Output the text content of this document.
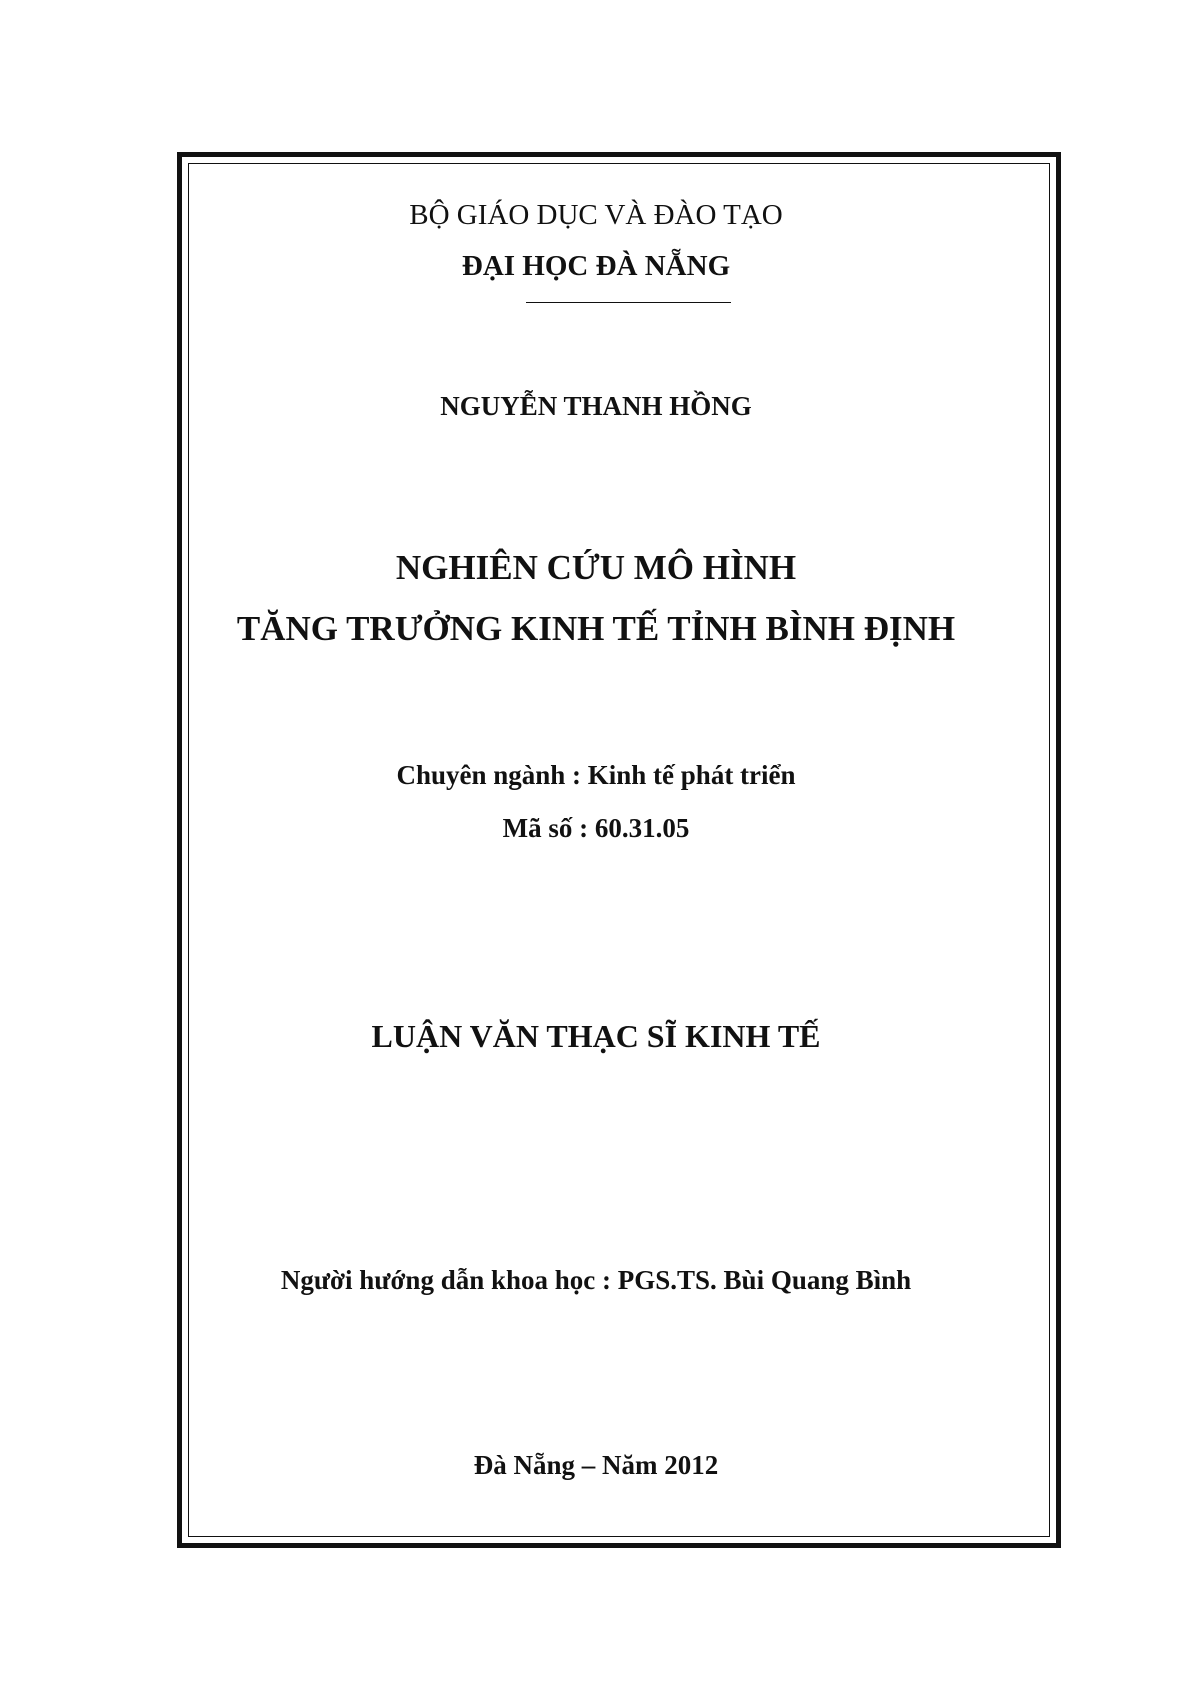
BỘ GIÁO DỤC VÀ ĐÀO TẠO
ĐẠI HỌC ĐÀ NẴNG
NGUYỄN THANH HỒNG
NGHIÊN CỨU MÔ HÌNH
TĂNG TRƯỞNG KINH TẾ TỈNH BÌNH ĐỊNH
Chuyên ngành : Kinh tế phát triển
Mã số : 60.31.05
LUẬN VĂN THẠC SĨ KINH TẾ
Người hướng dẫn khoa học : PGS.TS. Bùi Quang Bình
Đà Nẵng – Năm 2012
